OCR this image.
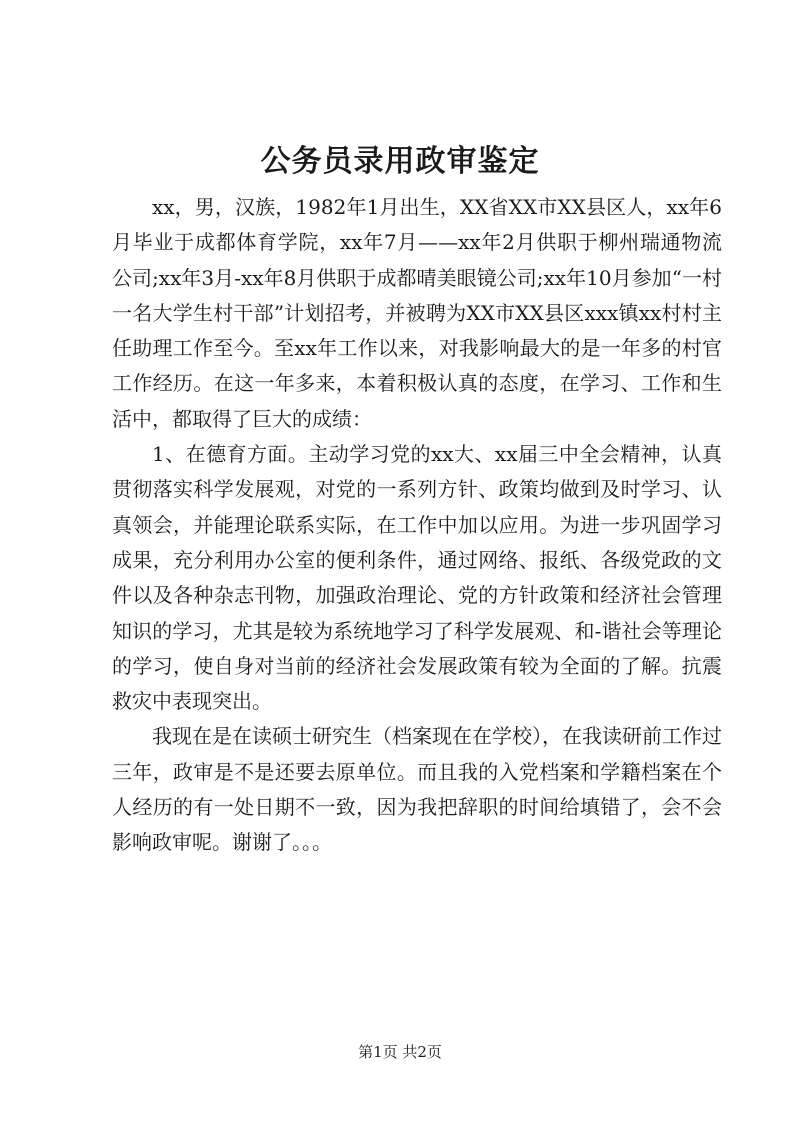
公务员录用政审鉴定

xx，男，汉族，1982年1月出生，XX省XX市XX县区人，xx年6月毕业于成都体育学院，xx年7月——xx年2月供职于柳州瑞通物流公司;xx年3月-xx年8月供职于成都晴美眼镜公司;xx年10月参加“一村一名大学生村干部”计划招考，并被聘为XX市XX县区xxx镇xx村村主任助理工作至今。至xx年工作以来，对我影响最大的是一年多的村官工作经历。在这一年多来，本着积极认真的态度，在学习、工作和生活中，都取得了巨大的成绩：

1、在德育方面。主动学习党的xx大、xx届三中全会精神，认真贯彻落实科学发展观，对党的一系列方针、政策均做到及时学习、认真领会，并能理论联系实际，在工作中加以应用。为进一步巩固学习成果，充分利用办公室的便利条件，通过网络、报纸、各级党政的文件以及各种杂志刊物，加强政治理论、党的方针政策和经济社会管理知识的学习，尤其是较为系统地学习了科学发展观、和-谐社会等理论的学习，使自身对当前的经济社会发展政策有较为全面的了解。抗震救灾中表现突出。

我现在是在读硕士研究生（档案现在在学校），在我读研前工作过三年，政审是不是还要去原单位。而且我的入党档案和学籍档案在个人经历的有一处日期不一致，因为我把辞职的时间给填错了，会不会影响政审呢。谢谢了。。。

第1页 共2页
